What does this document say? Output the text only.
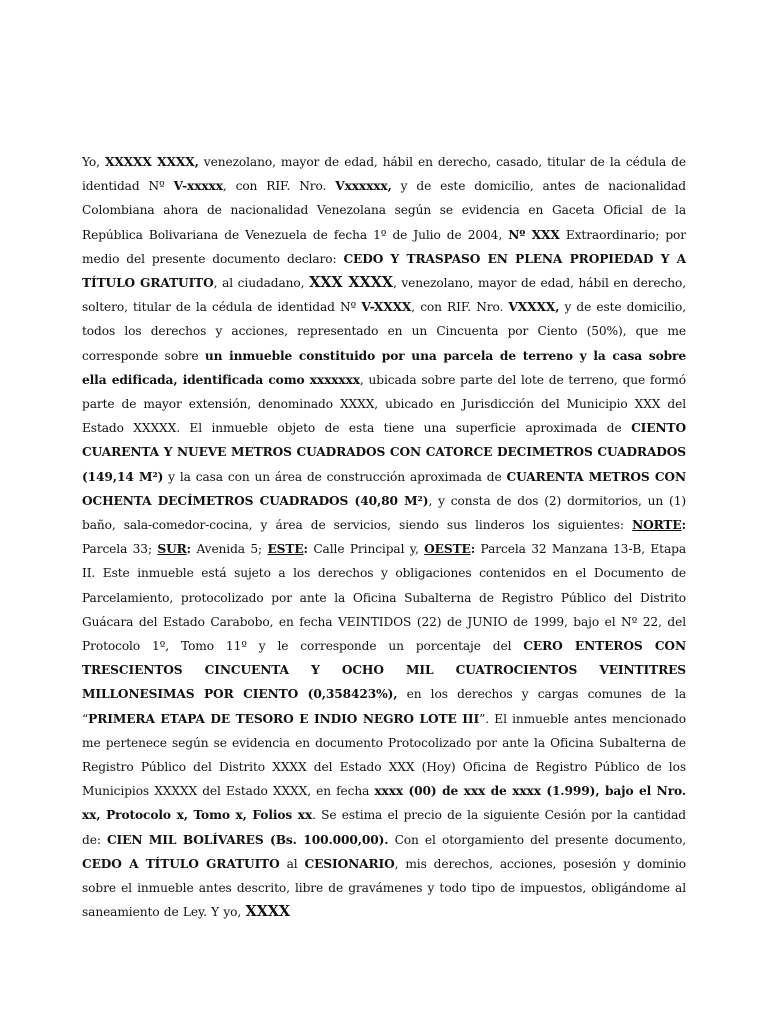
Yo, XXXXX XXXX, venezolano, mayor de edad, hábil en derecho, casado, titular de la cédula de identidad Nº V-xxxxx, con RIF. Nro. Vxxxxxx, y de este domicilio, antes de nacionalidad Colombiana ahora de nacionalidad Venezolana según se evidencia en Gaceta Oficial de la República Bolivariana de Venezuela de fecha 1º de Julio de 2004, Nº XXX Extraordinario; por medio del presente documento declaro: CEDO Y TRASPASO EN PLENA PROPIEDAD Y A TÍTULO GRATUITO, al ciudadano, XXX XXXX, venezolano, mayor de edad, hábil en derecho, soltero, titular de la cédula de identidad Nº V-XXXX, con RIF. Nro. VXXXX, y de este domicilio, todos los derechos y acciones, representado en un Cincuenta por Ciento (50%), que me corresponde sobre un inmueble constituido por una parcela de terreno y la casa sobre ella edificada, identificada como xxxxxxx, ubicada sobre parte del lote de terreno, que formó parte de mayor extensión, denominado XXXX, ubicado en Jurisdicción del Municipio XXX del Estado XXXXX. El inmueble objeto de esta tiene una superficie aproximada de CIENTO CUARENTA Y NUEVE METROS CUADRADOS CON CATORCE DECIMETROS CUADRADOS (149,14 M²) y la casa con un área de construcción aproximada de CUARENTA METROS CON OCHENTA DECÍMETROS CUADRADOS (40,80 M²), y consta de dos (2) dormitorios, un (1) baño, sala-comedor-cocina, y área de servicios, siendo sus linderos los siguientes: NORTE: Parcela 33; SUR: Avenida 5; ESTE: Calle Principal y, OESTE: Parcela 32 Manzana 13-B, Etapa II. Este inmueble está sujeto a los derechos y obligaciones contenidos en el Documento de Parcelamiento, protocolizado por ante la Oficina Subalterna de Registro Público del Distrito Guácara del Estado Carabobo, en fecha VEINTIDOS (22) de JUNIO de 1999, bajo el Nº 22, del Protocolo 1º, Tomo 11º y le corresponde un porcentaje del CERO ENTEROS CON TRESCIENTOS CINCUENTA Y OCHO MIL CUATROCIENTOS VEINTITRES MILLONESIMAS POR CIENTO (0,358423%), en los derechos y cargas comunes de la “PRIMERA ETAPA DE TESORO E INDIO NEGRO LOTE III”. El inmueble antes mencionado me pertenece según se evidencia en documento Protocolizado por ante la Oficina Subalterna de Registro Público del Distrito XXXX del Estado XXX (Hoy) Oficina de Registro Público de los Municipios XXXXX del Estado XXXX, en fecha xxxx (00) de xxx de xxxx (1.999), bajo el Nro. xx, Protocolo x, Tomo x, Folios xx. Se estima el precio de la siguiente Cesión por la cantidad de: CIEN MIL BOLÍVARES (Bs. 100.000,00). Con el otorgamiento del presente documento, CEDO A TÍTULO GRATUITO al CESIONARIO, mis derechos, acciones, posesión y dominio sobre el inmueble antes descrito, libre de gravámenes y todo tipo de impuestos, obligándome al saneamiento de Ley. Y yo, XXXX
